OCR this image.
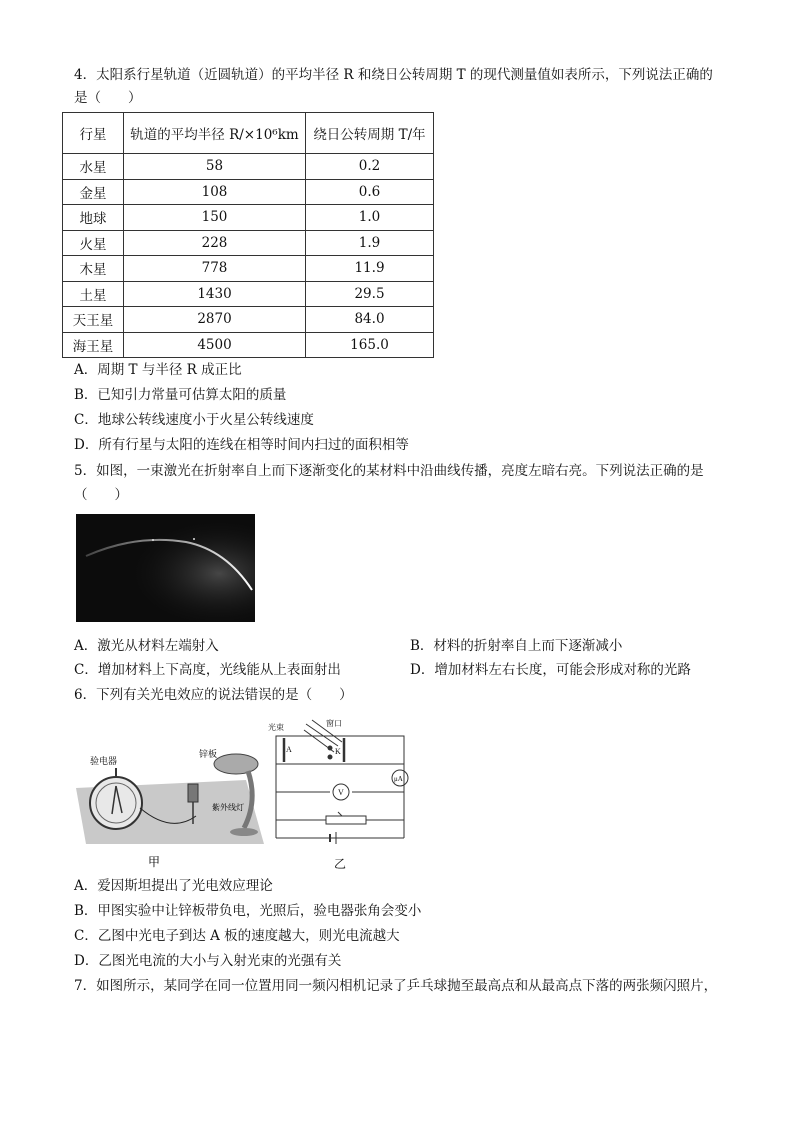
4．太阳系行星轨道（近圆轨道）的平均半径 R 和绕日公转周期 T 的现代测量值如表所示，下列说法正确的
是（　　）
行星	轨道的平均半径 R/×10⁶km	绕日公转周期 T/年
水星	58	0.2
金星	108	0.6
地球	150	1.0
火星	228	1.9
木星	778	11.9
土星	1430	29.5
天王星	2870	84.0
海王星	4500	165.0
A．周期 T 与半径 R 成正比
B．已知引力常量可估算太阳的质量
C．地球公转线速度小于火星公转线速度
D．所有行星与太阳的连线在相等时间内扫过的面积相等
5．如图，一束激光在折射率自上而下逐渐变化的某材料中沿曲线传播，亮度左暗右亮。下列说法正确的是
（　　）
A．激光从材料左端射入	B．材料的折射率自上而下逐渐减小
C．增加材料上下高度，光线能从上表面射出	D．增加材料左右长度，可能会形成对称的光路
6．下列有关光电效应的说法错误的是（　　）
验电器
锌板
紫外线灯
甲
光束	窗口
A	K
μA
V
乙
A．爱因斯坦提出了光电效应理论
B．甲图实验中让锌板带负电，光照后，验电器张角会变小
C．乙图中光电子到达 A 板的速度越大，则光电流越大
D．乙图光电流的大小与入射光束的光强有关
7．如图所示，某同学在同一位置用同一频闪相机记录了乒乓球抛至最高点和从最高点下落的两张频闪照片，
